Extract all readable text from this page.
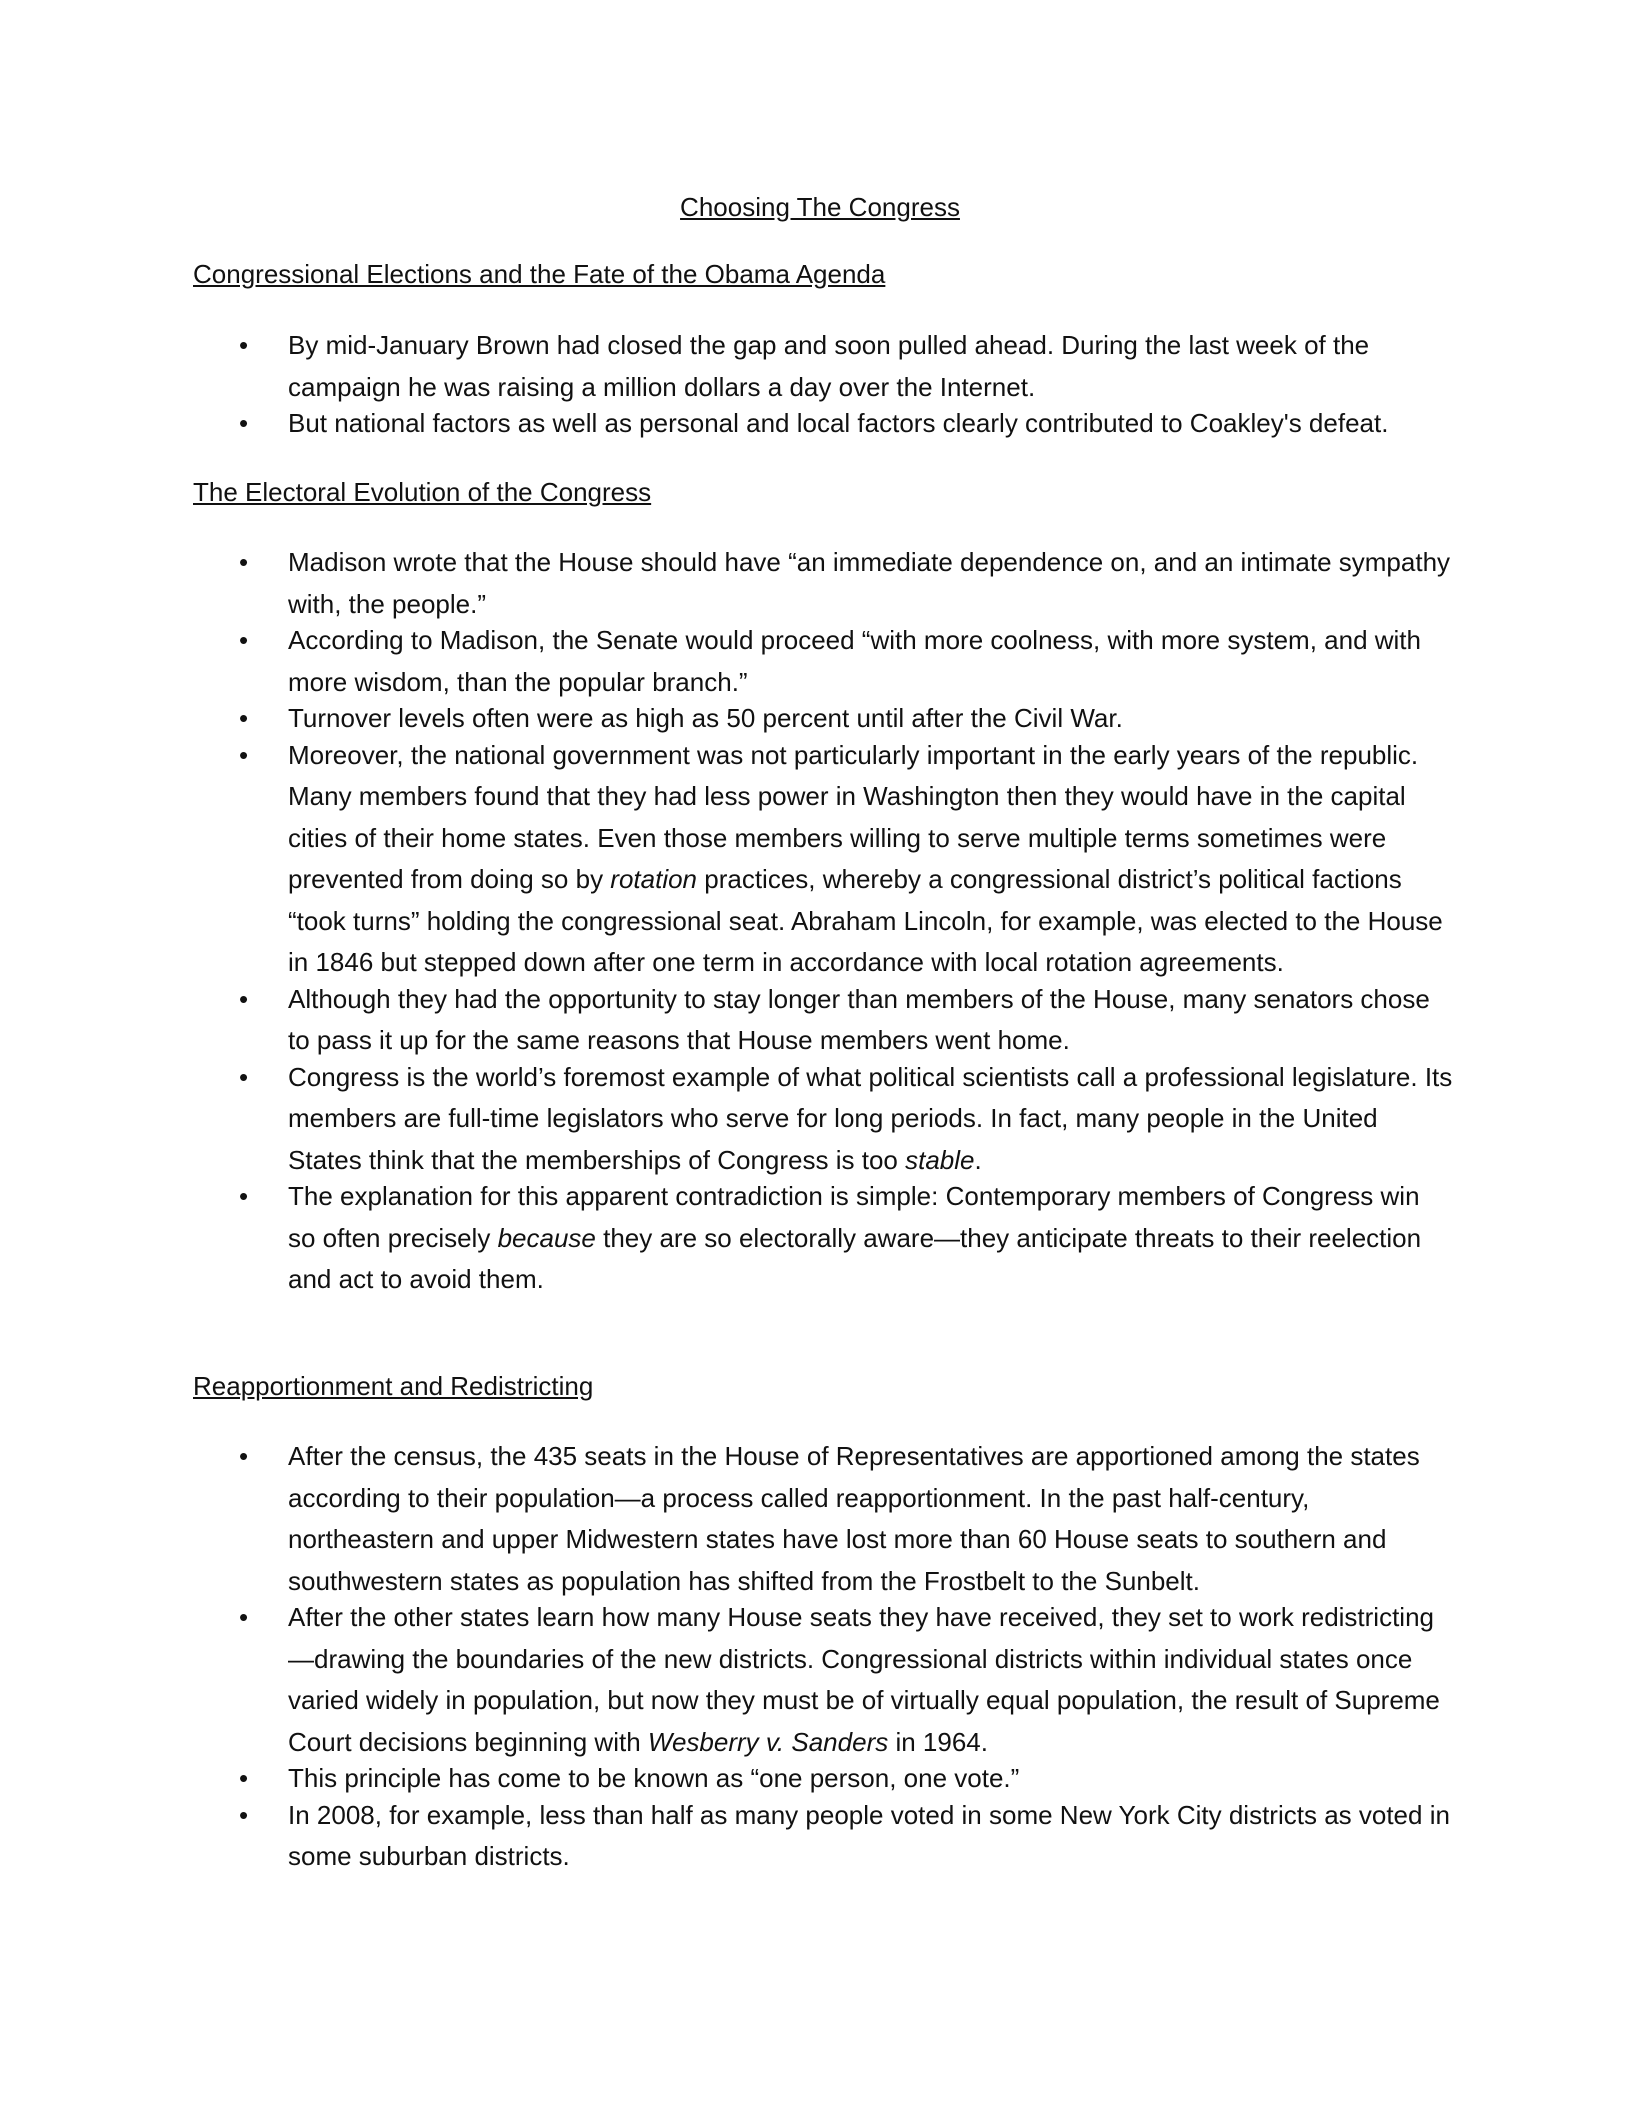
Choosing The Congress
Congressional Elections and the Fate of the Obama Agenda
• By mid-January Brown had closed the gap and soon pulled ahead. During the last week of the campaign he was raising a million dollars a day over the Internet.
• But national factors as well as personal and local factors clearly contributed to Coakley's defeat.
The Electoral Evolution of the Congress
• Madison wrote that the House should have “an immediate dependence on, and an intimate sympathy with, the people.”
• According to Madison, the Senate would proceed “with more coolness, with more system, and with more wisdom, than the popular branch.”
• Turnover levels often were as high as 50 percent until after the Civil War.
• Moreover, the national government was not particularly important in the early years of the republic. Many members found that they had less power in Washington then they would have in the capital cities of their home states. Even those members willing to serve multiple terms sometimes were prevented from doing so by rotation practices, whereby a congressional district’s political factions “took turns” holding the congressional seat. Abraham Lincoln, for example, was elected to the House in 1846 but stepped down after one term in accordance with local rotation agreements.
• Although they had the opportunity to stay longer than members of the House, many senators chose to pass it up for the same reasons that House members went home.
• Congress is the world’s foremost example of what political scientists call a professional legislature. Its members are full-time legislators who serve for long periods. In fact, many people in the United States think that the memberships of Congress is too stable.
• The explanation for this apparent contradiction is simple: Contemporary members of Congress win so often precisely because they are so electorally aware—they anticipate threats to their reelection and act to avoid them.
Reapportionment and Redistricting
• After the census, the 435 seats in the House of Representatives are apportioned among the states according to their population—a process called reapportionment. In the past half-century, northeastern and upper Midwestern states have lost more than 60 House seats to southern and southwestern states as population has shifted from the Frostbelt to the Sunbelt.
• After the other states learn how many House seats they have received, they set to work redistricting—drawing the boundaries of the new districts. Congressional districts within individual states once varied widely in population, but now they must be of virtually equal population, the result of Supreme Court decisions beginning with Wesberry v. Sanders in 1964.
• This principle has come to be known as “one person, one vote.”
• In 2008, for example, less than half as many people voted in some New York City districts as voted in some suburban districts.
